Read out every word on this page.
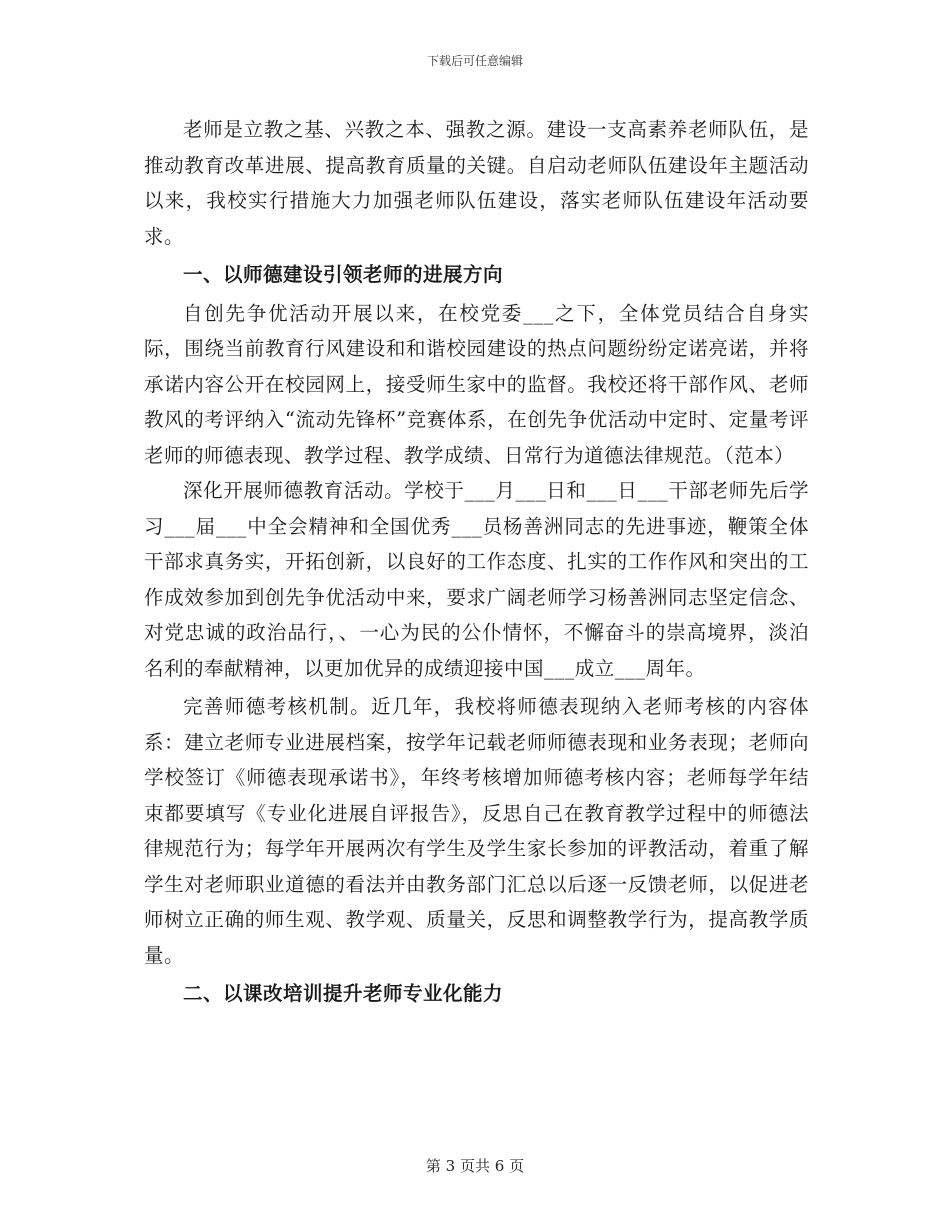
下载后可任意编辑

老师是立教之基、兴教之本、强教之源。建设一支高素养老师队伍，是推动教育改革进展、提高教育质量的关键。自启动老师队伍建设年主题活动以来，我校实行措施大力加强老师队伍建设，落实老师队伍建设年活动要求。

一、以师德建设引领老师的进展方向

自创先争优活动开展以来，在校党委___之下，全体党员结合自身实际，围绕当前教育行风建设和和谐校园建设的热点问题纷纷定诺亮诺，并将承诺内容公开在校园网上，接受师生家中的监督。我校还将干部作风、老师教风的考评纳入“流动先锋杯”竞赛体系，在创先争优活动中定时、定量考评老师的师德表现、教学过程、教学成绩、日常行为道德法律规范。（范本）

深化开展师德教育活动。学校于___月___日和___日___干部老师先后学习___届___中全会精神和全国优秀___员杨善洲同志的先进事迹，鞭策全体干部求真务实，开拓创新，以良好的工作态度、扎实的工作作风和突出的工作成效参加到创先争优活动中来，要求广阔老师学习杨善洲同志坚定信念、对党忠诚的政治品行，、一心为民的公仆情怀，不懈奋斗的崇高境界，淡泊名利的奉献精神，以更加优异的成绩迎接中国___成立___周年。

完善师德考核机制。近几年，我校将师德表现纳入老师考核的内容体系：建立老师专业进展档案，按学年记载老师师德表现和业务表现；老师向学校签订《师德表现承诺书》，年终考核增加师德考核内容；老师每学年结束都要填写《专业化进展自评报告》，反思自己在教育教学过程中的师德法律规范行为；每学年开展两次有学生及学生家长参加的评教活动，着重了解学生对老师职业道德的看法并由教务部门汇总以后逐一反馈老师，以促进老师树立正确的师生观、教学观、质量关，反思和调整教学行为，提高教学质量。

二、以课改培训提升老师专业化能力

第 3 页共 6 页
